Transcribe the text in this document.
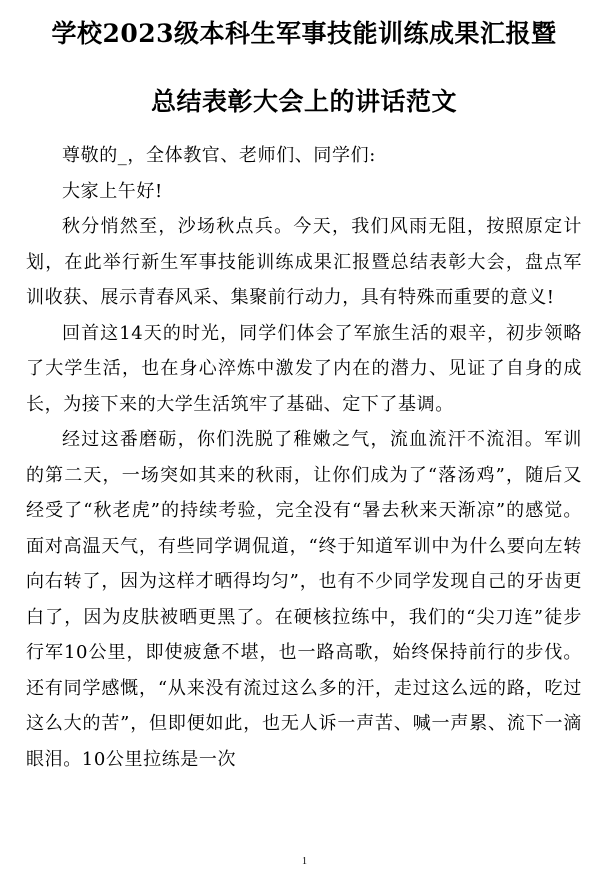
学校2023级本科生军事技能训练成果汇报暨
总结表彰大会上的讲话范文

尊敬的_，全体教官、老师们、同学们:

大家上午好!

秋分悄然至，沙场秋点兵。今天，我们风雨无阻，按照原定计划，在此举行新生军事技能训练成果汇报暨总结表彰大会，盘点军训收获、展示青春风采、集聚前行动力，具有特殊而重要的意义!

回首这14天的时光，同学们体会了军旅生活的艰辛，初步领略了大学生活，也在身心淬炼中激发了内在的潜力、见证了自身的成长，为接下来的大学生活筑牢了基础、定下了基调。

经过这番磨砺，你们洗脱了稚嫩之气，流血流汗不流泪。军训的第二天，一场突如其来的秋雨，让你们成为了“落汤鸡”，随后又经受了“秋老虎”的持续考验，完全没有“暑去秋来天渐凉”的感觉。面对高温天气，有些同学调侃道，“终于知道军训中为什么要向左转向右转了，因为这样才晒得均匀”，也有不少同学发现自己的牙齿更白了，因为皮肤被晒更黑了。在硬核拉练中，我们的“尖刀连”徒步行军10公里，即使疲惫不堪，也一路高歌，始终保持前行的步伐。还有同学感慨，“从来没有流过这么多的汗，走过这么远的路，吃过这么大的苦”，但即便如此，也无人诉一声苦、喊一声累、流下一滴眼泪。10公里拉练是一次

1
